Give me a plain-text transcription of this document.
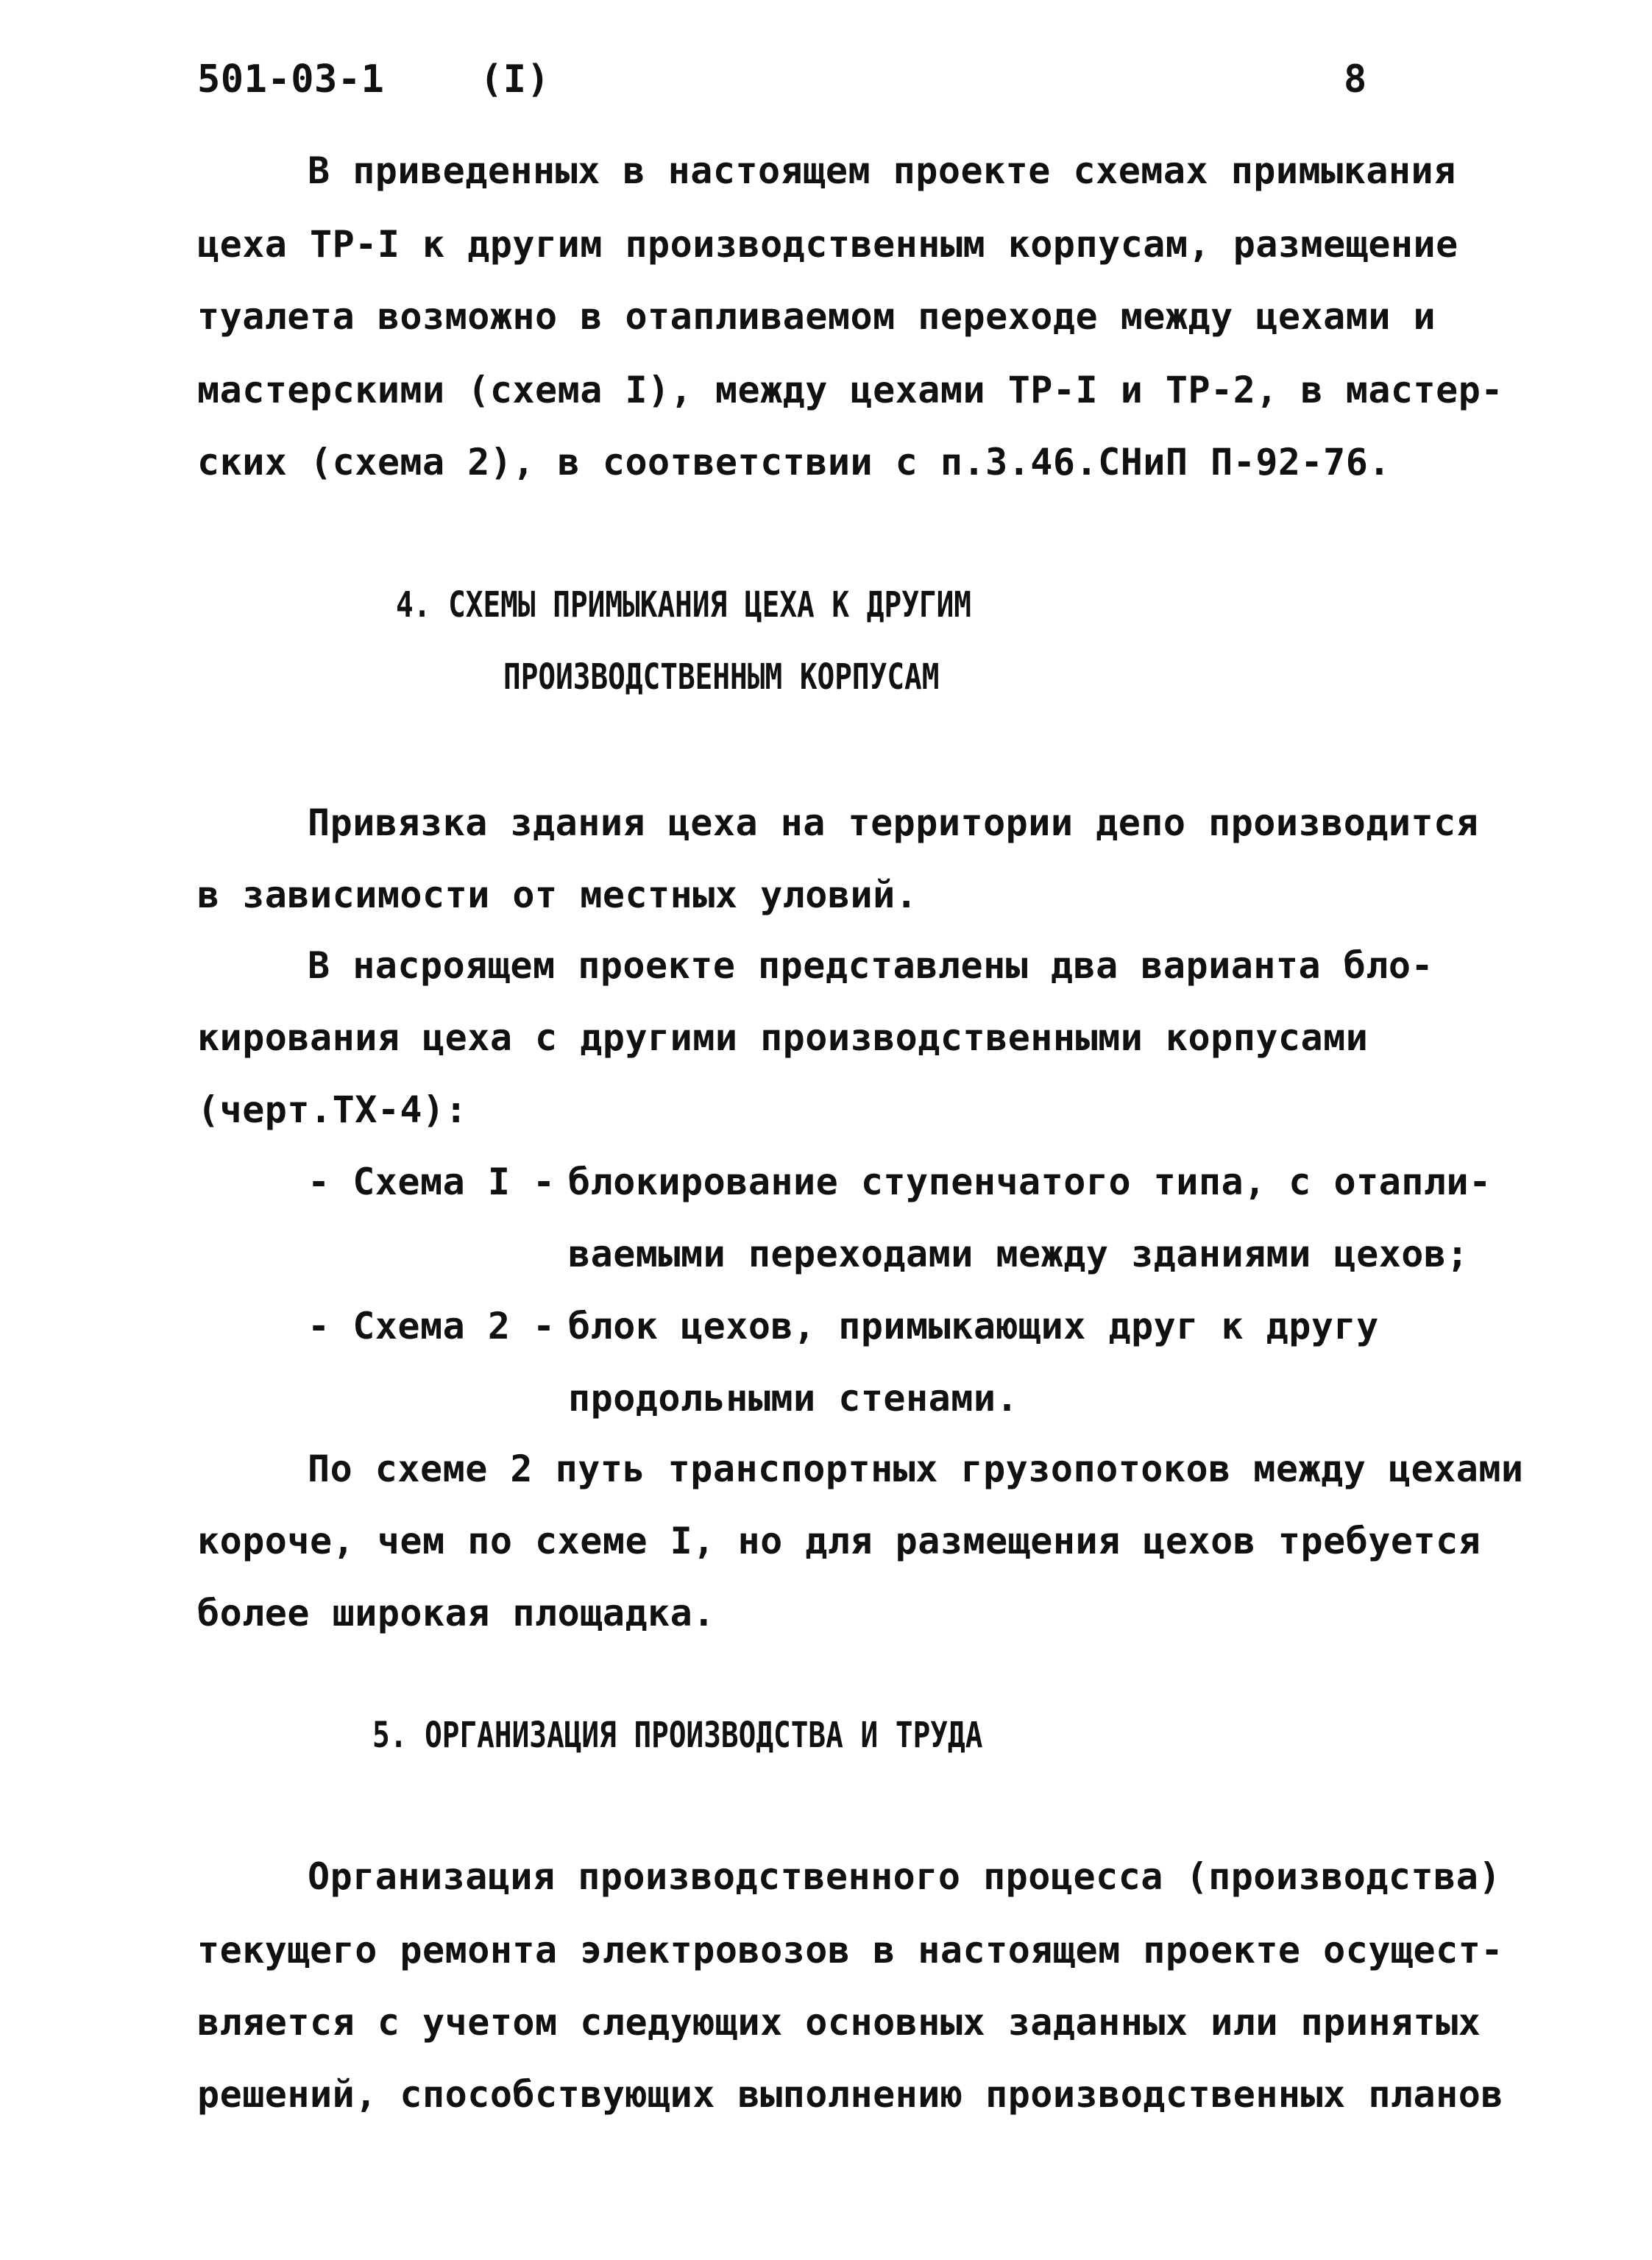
501-03-1 (I)	8
В приведенных в настоящем проекте схемах примыкания
цеха ТР-I к другим производственным корпусам, размещение
туалета возможно в отапливаемом переходе между цехами и
мастерскими (схема I), между цехами ТР-I и ТР-2, в мастер-
ских (схема 2), в соответствии с п.3.46.СНиП П-92-76.
4. СХЕМЫ ПРИМЫКАНИЯ ЦЕХА К ДРУГИМ
ПРОИЗВОДСТВЕННЫМ КОРПУСАМ
Привязка здания цеха на территории депо производится
в зависимости от местных уловий.
В насроящем проекте представлены два варианта бло-
кирования цеха с другими производственными корпусами
(черт.ТХ-4):
- Схема I - блокирование ступенчатого типа, с отапли-
ваемыми переходами между зданиями цехов;
- Схема 2 - блок цехов, примыкающих друг к другу
продольными стенами.
По схеме 2 путь транспортных грузопотоков между цехами
короче, чем по схеме I, но для размещения цехов требуется
более широкая площадка.
5. ОРГАНИЗАЦИЯ ПРОИЗВОДСТВА И ТРУДА
Организация производственного процесса (производства)
текущего ремонта электровозов в настоящем проекте осущест-
вляется с учетом следующих основных заданных или принятых
решений, способствующих выполнению производственных планов
